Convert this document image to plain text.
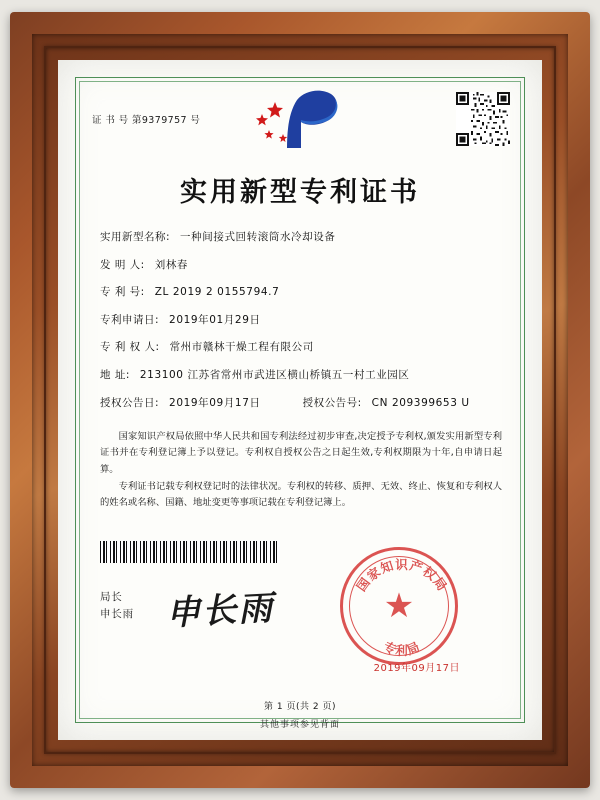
证 书 号 第9379757 号
实用新型专利证书
实用新型名称: 一种间接式回转滚筒水冷却设备
发 明 人: 刘林春
专 利 号: ZL 2019 2 0155794.7
专利申请日: 2019年01月29日
专 利 权 人: 常州市赣林干燥工程有限公司
地 址: 213100 江苏省常州市武进区横山桥镇五一村工业园区
授权公告日: 2019年09月17日	授权公告号: CN 209399653 U

国家知识产权局依照中华人民共和国专利法经过初步审查,决定授予专利权,颁发实用新型专利证书并在专利登记簿上予以登记。专利权自授权公告之日起生效,专利权期限为十年,自申请日起算。

专利证书记载专利权登记时的法律状况。专利权的转移、质押、无效、终止、恢复和专利权人的姓名或名称、国籍、地址变更等事项记载在专利登记簿上。

局长
申长雨 申长雨
国家知识产权局
专利局
★
2019年09月17日
第 1 页(共 2 页)
其他事项参见背面
